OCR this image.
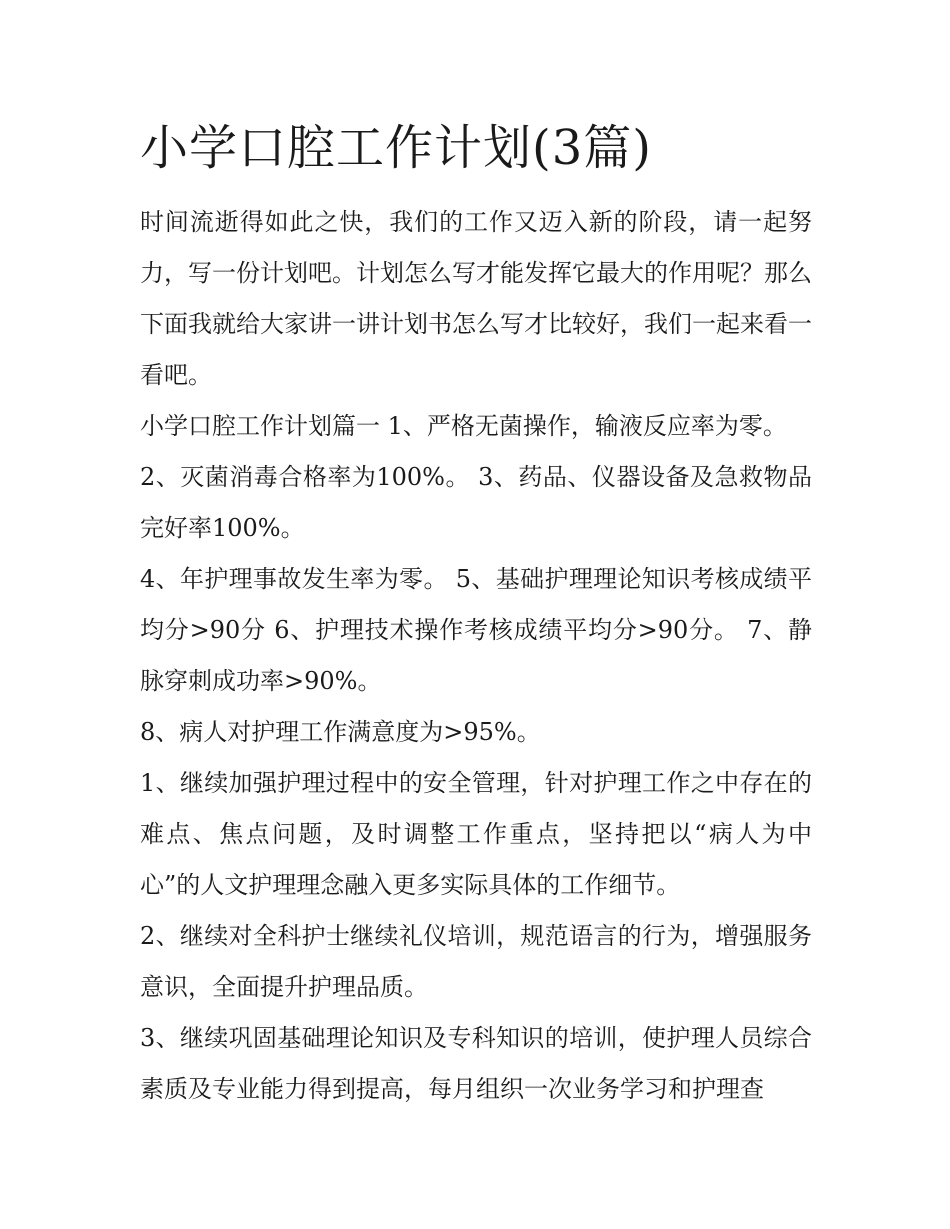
小学口腔工作计划(3篇)

时间流逝得如此之快，我们的工作又迈入新的阶段，请一起努力，写一份计划吧。计划怎么写才能发挥它最大的作用呢？那么下面我就给大家讲一讲计划书怎么写才比较好，我们一起来看一看吧。

小学口腔工作计划篇一 1、严格无菌操作，输液反应率为零。

2、灭菌消毒合格率为100%。 3、药品、仪器设备及急救物品完好率100%。

4、年护理事故发生率为零。 5、基础护理理论知识考核成绩平均分>90分 6、护理技术操作考核成绩平均分>90分。 7、静脉穿刺成功率>90%。

8、病人对护理工作满意度为>95%。

1、继续加强护理过程中的安全管理，针对护理工作之中存在的难点、焦点问题，及时调整工作重点，坚持把以“病人为中心”的人文护理理念融入更多实际具体的工作细节。

2、继续对全科护士继续礼仪培训，规范语言的行为，增强服务意识，全面提升护理品质。

3、继续巩固基础理论知识及专科知识的培训，使护理人员综合素质及专业能力得到提高，每月组织一次业务学习和护理查
